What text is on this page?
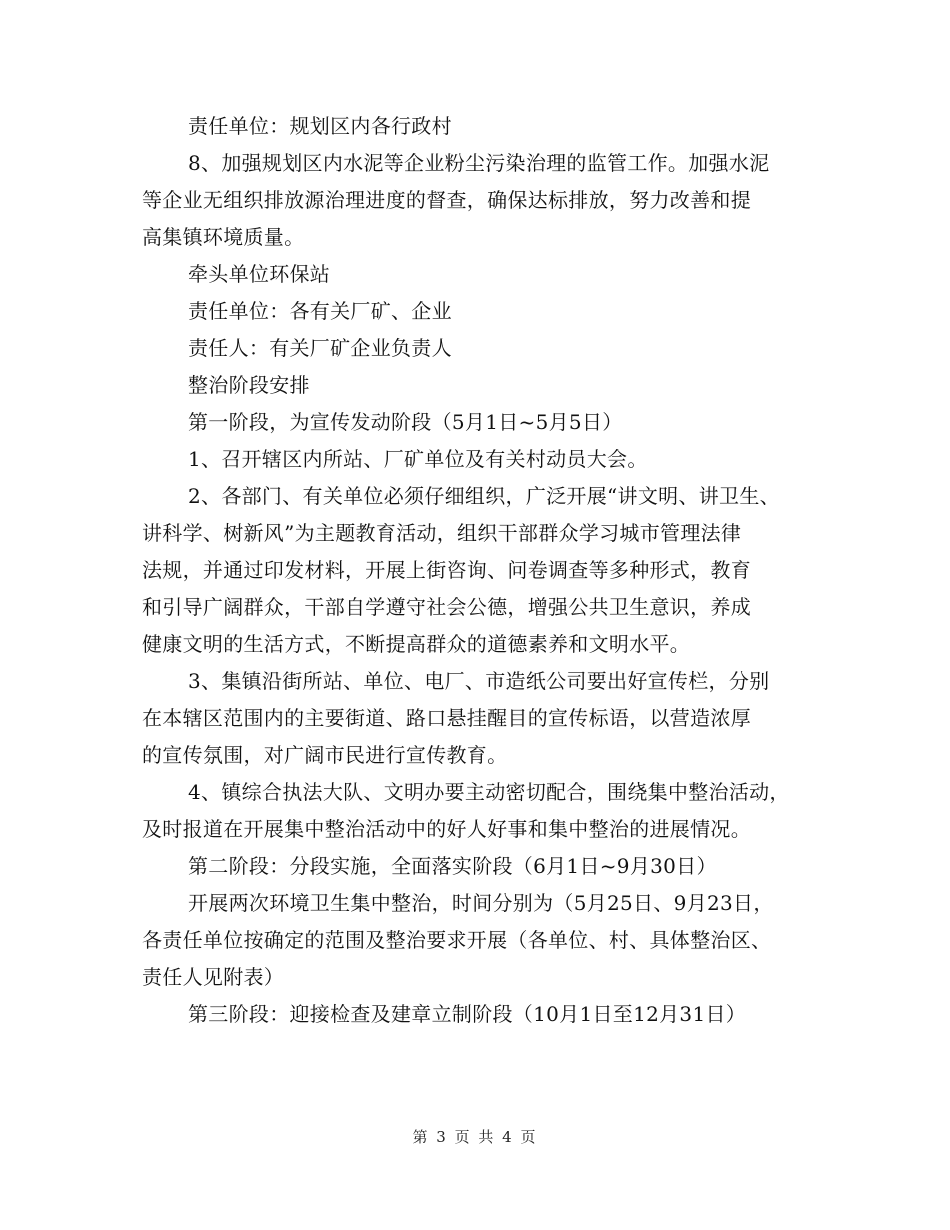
责任单位：规划区内各行政村
8、加强规划区内水泥等企业粉尘污染治理的监管工作。加强水泥
等企业无组织排放源治理进度的督查，确保达标排放，努力改善和提
高集镇环境质量。
牵头单位环保站
责任单位：各有关厂矿、企业
责任人：有关厂矿企业负责人
整治阶段安排
第一阶段，为宣传发动阶段（5月1日~5月5日）
1、召开辖区内所站、厂矿单位及有关村动员大会。
2、各部门、有关单位必须仔细组织，广泛开展“讲文明、讲卫生、
讲科学、树新风”为主题教育活动，组织干部群众学习城市管理法律
法规，并通过印发材料，开展上街咨询、问卷调查等多种形式，教育
和引导广阔群众，干部自学遵守社会公德，增强公共卫生意识，养成
健康文明的生活方式，不断提高群众的道德素养和文明水平。
3、集镇沿街所站、单位、电厂、市造纸公司要出好宣传栏，分别
在本辖区范围内的主要街道、路口悬挂醒目的宣传标语，以营造浓厚
的宣传氛围，对广阔市民进行宣传教育。
4、镇综合执法大队、文明办要主动密切配合，围绕集中整治活动，
及时报道在开展集中整治活动中的好人好事和集中整治的进展情况。
第二阶段：分段实施，全面落实阶段（6月1日~9月30日）
开展两次环境卫生集中整治，时间分别为（5月25日、9月23日，
各责任单位按确定的范围及整治要求开展（各单位、村、具体整治区、
责任人见附表）
第三阶段：迎接检查及建章立制阶段（10月1日至12月31日）
第 3 页 共 4 页
